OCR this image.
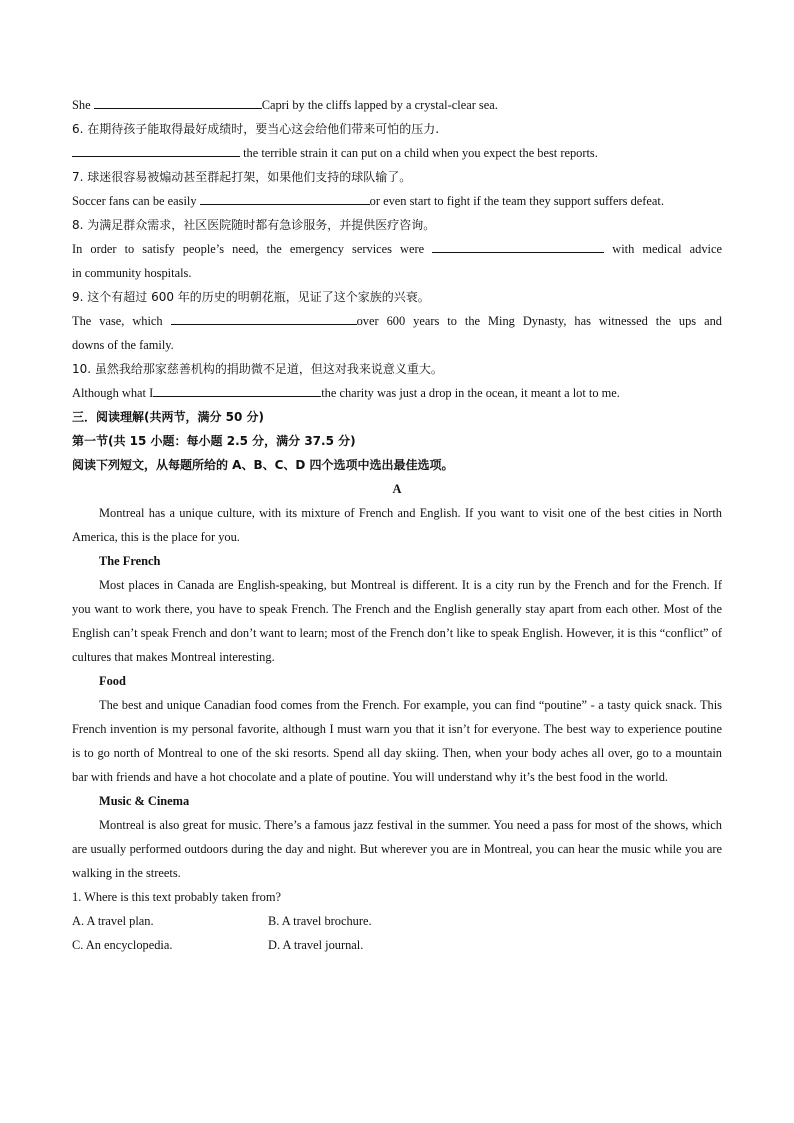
She	Capri by the cliffs lapped by a crystal-clear sea.
6. 在期待孩子能取得最好成绩时，要当心这会给他们带来可怕的压力.
the terrible strain it can put on a child when you expect the best reports.
7. 球迷很容易被煽动甚至群起打架，如果他们支持的球队输了。
Soccer fans can be easily	or even start to fight if the team they support suffers defeat.
8. 为满足群众需求，社区医院随时都有急诊服务，并提供医疗咨询。
In order to satisfy people’s need, the emergency services were	with medical advice
in community hospitals.
9. 这个有超过 600 年的历史的明朝花瓶，见证了这个家族的兴衰。
The vase, which	over 600 years to the Ming Dynasty, has witnessed the ups and
downs of the family.
10. 虽然我给那家慈善机构的捐助微不足道，但这对我来说意义重大。
Although what I	the charity was just a drop in the ocean, it meant a lot to me.
三．阅读理解(共两节，满分 50 分)
第一节(共 15 小题：每小题 2.5 分，满分 37.5 分)
阅读下列短文，从每题所给的 A、B、C、D 四个选项中选出最佳选项。
A
Montreal has a unique culture, with its mixture of French and English. If you want to visit one of the best cities in North America, this is the place for you.
The French
Most places in Canada are English-speaking, but Montreal is different. It is a city run by the French and for the French. If you want to work there, you have to speak French. The French and the English generally stay apart from each other. Most of the English can’t speak French and don’t want to learn; most of the French don’t like to speak English. However, it is this “conflict” of cultures that makes Montreal interesting.
Food
The best and unique Canadian food comes from the French. For example, you can find “poutine” - a tasty quick snack. This French invention is my personal favorite, although I must warn you that it isn’t for everyone. The best way to experience poutine is to go north of Montreal to one of the ski resorts. Spend all day skiing. Then, when your body aches all over, go to a mountain bar with friends and have a hot chocolate and a plate of poutine. You will understand why it’s the best food in the world.
Music & Cinema
Montreal is also great for music. There’s a famous jazz festival in the summer. You need a pass for most of the shows, which are usually performed outdoors during the day and night. But wherever you are in Montreal, you can hear the music while you are walking in the streets.
1. Where is this text probably taken from?
A. A travel plan.	B. A travel brochure.
C. An encyclopedia.	D. A travel journal.
